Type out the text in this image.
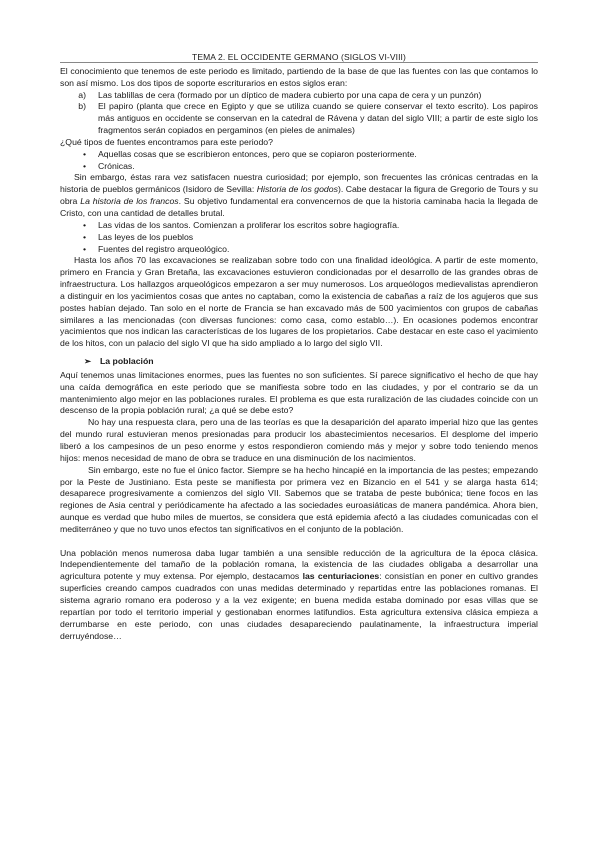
TEMA 2. EL OCCIDENTE GERMANO (SIGLOS VI-VIII)

El conocimiento que tenemos de este periodo es limitado, partiendo de la base de que las fuentes con las que contamos lo son así mismo. Los dos tipos de soporte escriturarios en estos siglos eran:

a) Las tablillas de cera (formado por un díptico de madera cubierto por una capa de cera y un punzón)
b) El papiro (planta que crece en Egipto y que se utiliza cuando se quiere conservar el texto escrito). Los papiros más antiguos en occidente se conservan en la catedral de Rávena y datan del siglo VIII; a partir de este siglo los fragmentos serán copiados en pergaminos (en pieles de animales)

¿Qué tipos de fuentes encontramos para este periodo?

• Aquellas cosas que se escribieron entonces, pero que se copiaron posteriormente.
• Crónicas.

Sin embargo, éstas rara vez satisfacen nuestra curiosidad; por ejemplo, son frecuentes las crónicas centradas en la historia de pueblos germánicos (Isidoro de Sevilla: Historia de los godos). Cabe destacar la figura de Gregorio de Tours y su obra La historia de los francos. Su objetivo fundamental era convencernos de que la historia caminaba hacia la llegada de Cristo, con una cantidad de detalles brutal.

• Las vidas de los santos. Comienzan a proliferar los escritos sobre hagiografía.
• Las leyes de los pueblos
• Fuentes del registro arqueológico.

Hasta los años 70 las excavaciones se realizaban sobre todo con una finalidad ideológica. A partir de este momento, primero en Francia y Gran Bretaña, las excavaciones estuvieron condicionadas por el desarrollo de las grandes obras de infraestructura. Los hallazgos arqueológicos empezaron a ser muy numerosos. Los arqueólogos medievalistas aprendieron a distinguir en los yacimientos cosas que antes no captaban, como la existencia de cabañas a raíz de los agujeros que sus postes habían dejado. Tan solo en el norte de Francia se han excavado más de 500 yacimientos con grupos de cabañas similares a las mencionadas (con diversas funciones: como casa, como establo…). En ocasiones podemos encontrar yacimientos que nos indican las características de los lugares de los propietarios. Cabe destacar en este caso el yacimiento de los hitos, con un palacio del siglo VI que ha sido ampliado a lo largo del siglo VII.

➢ La población

Aquí tenemos unas limitaciones enormes, pues las fuentes no son suficientes. Sí parece significativo el hecho de que hay una caída demográfica en este periodo que se manifiesta sobre todo en las ciudades, y por el contrario se da un mantenimiento algo mejor en las poblaciones rurales. El problema es que esta ruralización de las ciudades coincide con un descenso de la propia población rural; ¿a qué se debe esto?

No hay una respuesta clara, pero una de las teorías es que la desaparición del aparato imperial hizo que las gentes del mundo rural estuvieran menos presionadas para producir los abastecimientos necesarios. El desplome del imperio liberó a los campesinos de un peso enorme y estos respondieron comiendo más y mejor y sobre todo teniendo menos hijos: menos necesidad de mano de obra se traduce en una disminución de los nacimientos.

Sin embargo, este no fue el único factor. Siempre se ha hecho hincapié en la importancia de las pestes; empezando por la Peste de Justiniano. Esta peste se manifiesta por primera vez en Bizancio en el 541 y se alarga hasta 614; desaparece progresivamente a comienzos del siglo VII. Sabemos que se trataba de peste bubónica; tiene focos en las regiones de Asia central y periódicamente ha afectado a las sociedades euroasiáticas de manera pandémica. Ahora bien, aunque es verdad que hubo miles de muertos, se considera que está epidemia afectó a las ciudades comunicadas con el mediterráneo y que no tuvo unos efectos tan significativos en el conjunto de la población.

Una población menos numerosa daba lugar también a una sensible reducción de la agricultura de la época clásica. Independientemente del tamaño de la población romana, la existencia de las ciudades obligaba a desarrollar una agricultura potente y muy extensa. Por ejemplo, destacamos las centuriaciones: consistían en poner en cultivo grandes superficies creando campos cuadrados con unas medidas determinado y repartidas entre las poblaciones romanas. El sistema agrario romano era poderoso y a la vez exigente; en buena medida estaba dominado por esas villas que se repartían por todo el territorio imperial y gestionaban enormes latifundios. Esta agricultura extensiva clásica empieza a derrumbarse en este periodo, con unas ciudades desapareciendo paulatinamente, la infraestructura imperial derruyéndose…
